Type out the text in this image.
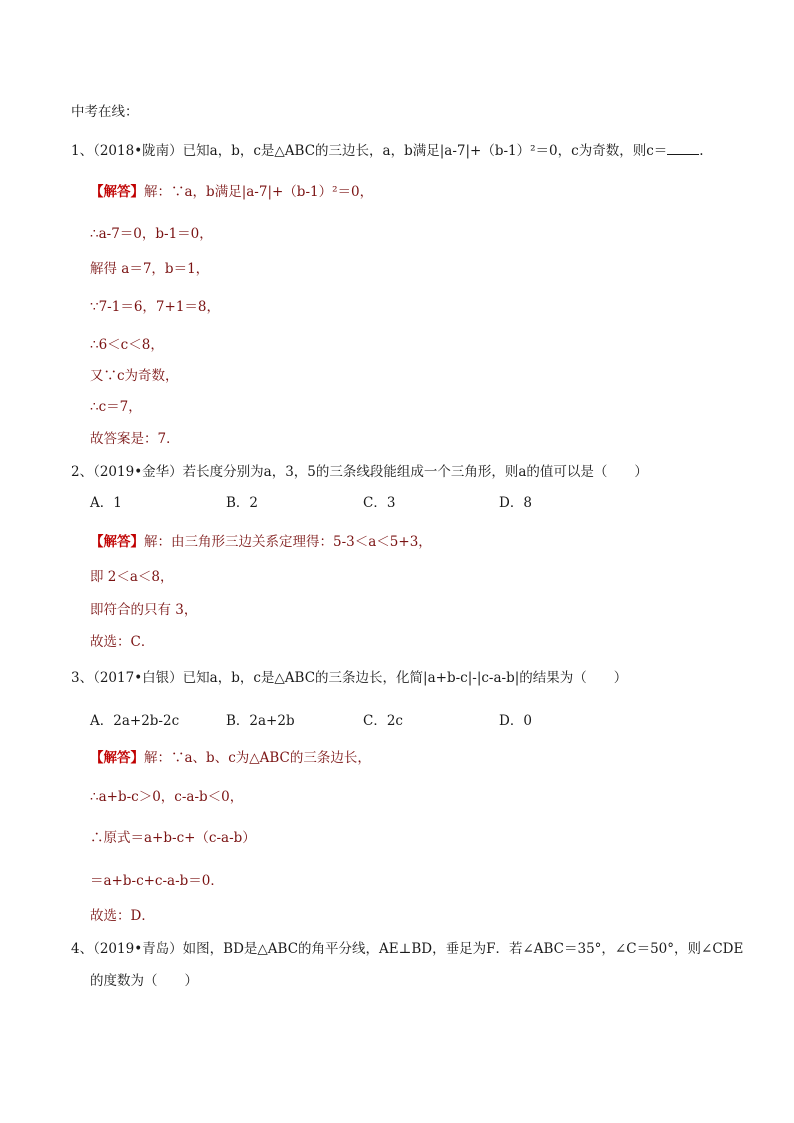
中考在线：
1、（2018•陇南）已知a，b，c是△ABC的三边长，a，b满足|a-7|+（b-1）²＝0，c为奇数，则c＝ .
【解答】解：∵a，b满足|a-7|+（b-1）²＝0，
∴a-7＝0，b-1＝0，
解得 a＝7，b＝1，
∵7-1＝6，7+1＝8，
∴6＜c＜8，
又∵c为奇数，
∴c＝7，
故答案是：7．
2、（2019•金华）若长度分别为a，3，5的三条线段能组成一个三角形，则a的值可以是（　　）
A．1	B．2	C．3	D．8
【解答】解：由三角形三边关系定理得：5-3＜a＜5+3，
即 2＜a＜8，
即符合的只有 3，
故选：C．
3、（2017•白银）已知a，b，c是△ABC的三条边长，化简|a+b-c|-|c-a-b|的结果为（　　）
A．2a+2b-2c	B．2a+2b	C．2c	D．0
【解答】解：∵a、b、c为△ABC的三条边长，
∴a+b-c＞0，c-a-b＜0，
∴原式＝a+b-c+（c-a-b）
＝a+b-c+c-a-b＝0．
故选：D．
4、（2019•青岛）如图，BD是△ABC的角平分线，AE⊥BD，垂足为F．若∠ABC＝35°，∠C＝50°，则∠CDE
的度数为（　　）
